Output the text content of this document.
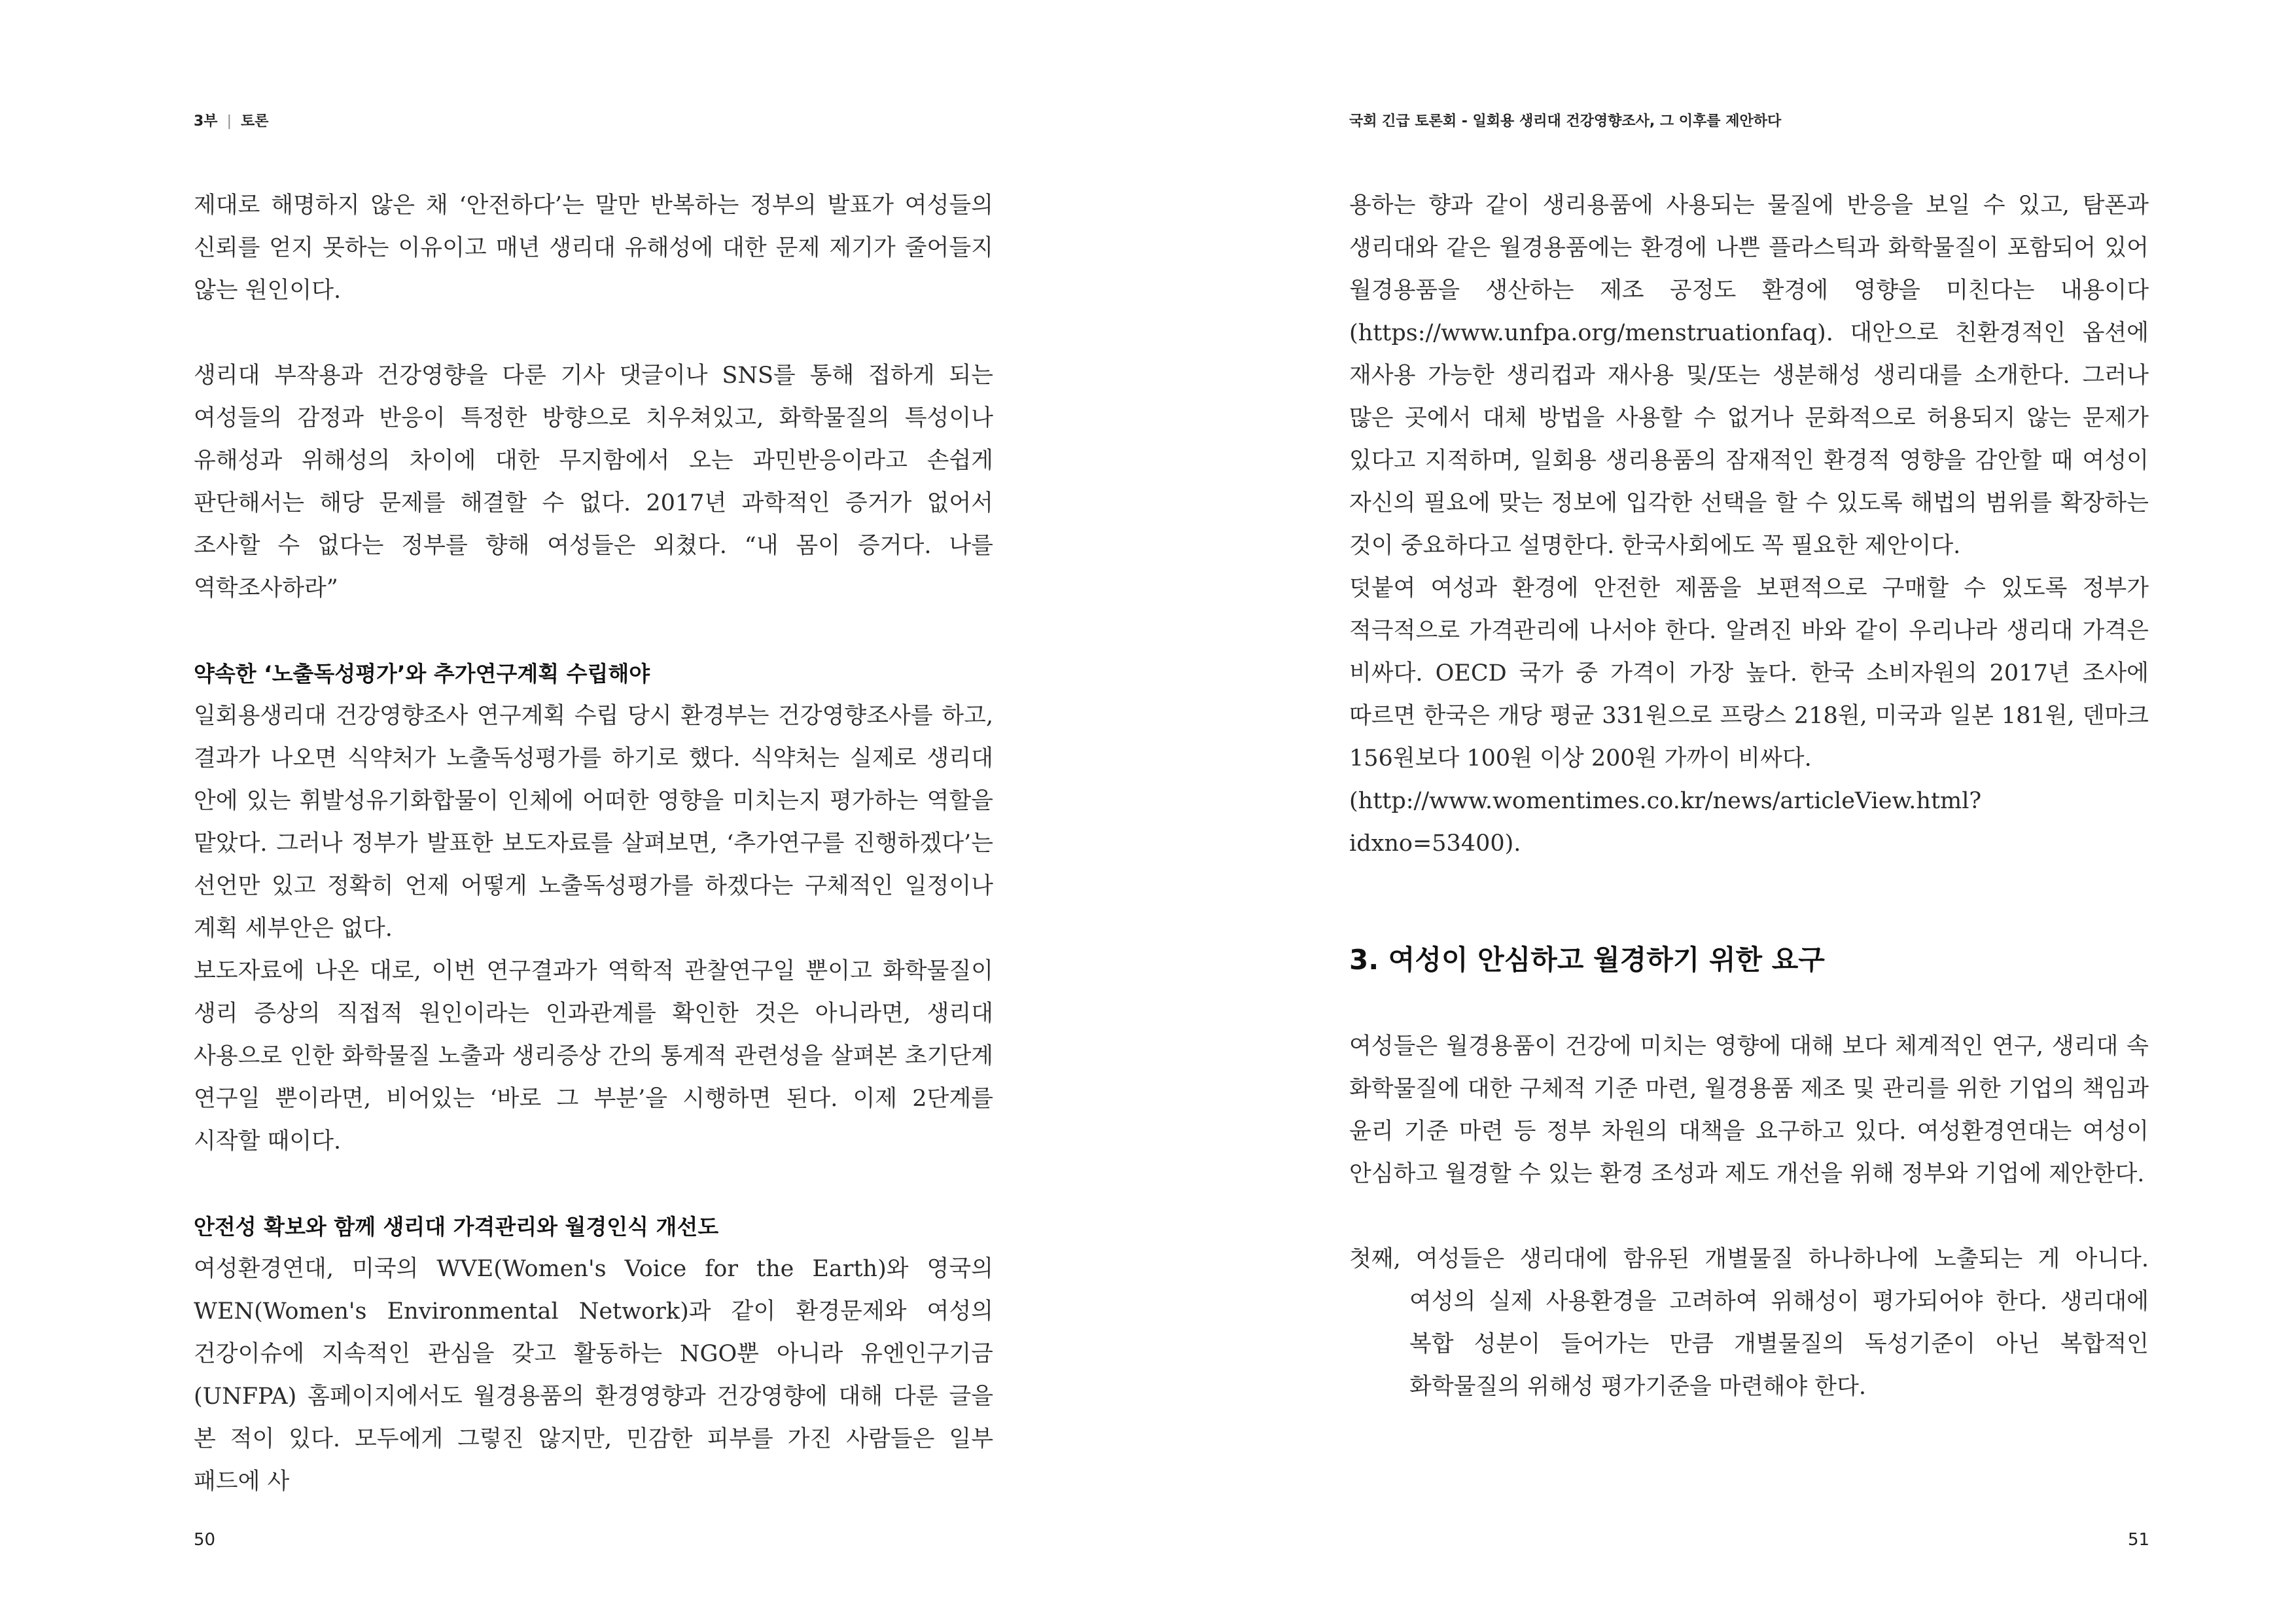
3부 | 토론	국회 긴급 토론회 - 일회용 생리대 건강영향조사, 그 이후를 제안하다

제대로 해명하지 않은 채 ‘안전하다’는 말만 반복하는 정부의 발표가 여성들의 신뢰를 얻지 못하는 이유이고 매년 생리대 유해성에 대한 문제 제기가 줄어들지 않는 원인이다.

생리대 부작용과 건강영향을 다룬 기사 댓글이나 SNS를 통해 접하게 되는 여성들의 감정과 반응이 특정한 방향으로 치우쳐있고, 화학물질의 특성이나 유해성과 위해성의 차이에 대한 무지함에서 오는 과민반응이라고 손쉽게 판단해서는 해당 문제를 해결할 수 없다. 2017년 과학적인 증거가 없어서 조사할 수 없다는 정부를 향해 여성들은 외쳤다. “내 몸이 증거다. 나를 역학조사하라”

약속한 ‘노출독성평가’와 추가연구계획 수립해야

일회용생리대 건강영향조사 연구계획 수립 당시 환경부는 건강영향조사를 하고, 결과가 나오면 식약처가 노출독성평가를 하기로 했다. 식약처는 실제로 생리대 안에 있는 휘발성유기화합물이 인체에 어떠한 영향을 미치는지 평가하는 역할을 맡았다. 그러나 정부가 발표한 보도자료를 살펴보면, ‘추가연구를 진행하겠다’는 선언만 있고 정확히 언제 어떻게 노출독성평가를 하겠다는 구체적인 일정이나 계획 세부안은 없다.

보도자료에 나온 대로, 이번 연구결과가 역학적 관찰연구일 뿐이고 화학물질이 생리 증상의 직접적 원인이라는 인과관계를 확인한 것은 아니라면, 생리대 사용으로 인한 화학물질 노출과 생리증상 간의 통계적 관련성을 살펴본 초기단계 연구일 뿐이라면, 비어있는 ‘바로 그 부분’을 시행하면 된다. 이제 2단계를 시작할 때이다.

안전성 확보와 함께 생리대 가격관리와 월경인식 개선도

여성환경연대, 미국의 WVE(Women's Voice for the Earth)와 영국의 WEN(Women's Environmental Network)과 같이 환경문제와 여성의 건강이슈에 지속적인 관심을 갖고 활동하는 NGO뿐 아니라 유엔인구기금(UNFPA) 홈페이지에서도 월경용품의 환경영향과 건강영향에 대해 다룬 글을 본 적이 있다. 모두에게 그렇진 않지만, 민감한 피부를 가진 사람들은 일부 패드에 사

용하는 향과 같이 생리용품에 사용되는 물질에 반응을 보일 수 있고, 탐폰과 생리대와 같은 월경용품에는 환경에 나쁜 플라스틱과 화학물질이 포함되어 있어 월경용품을 생산하는 제조 공정도 환경에 영향을 미친다는 내용이다(https://www.unfpa.org/menstruationfaq). 대안으로 친환경적인 옵션에 재사용 가능한 생리컵과 재사용 및/또는 생분해성 생리대를 소개한다. 그러나 많은 곳에서 대체 방법을 사용할 수 없거나 문화적으로 허용되지 않는 문제가 있다고 지적하며, 일회용 생리용품의 잠재적인 환경적 영향을 감안할 때 여성이 자신의 필요에 맞는 정보에 입각한 선택을 할 수 있도록 해법의 범위를 확장하는 것이 중요하다고 설명한다. 한국사회에도 꼭 필요한 제안이다.

덧붙여 여성과 환경에 안전한 제품을 보편적으로 구매할 수 있도록 정부가 적극적으로 가격관리에 나서야 한다. 알려진 바와 같이 우리나라 생리대 가격은 비싸다. OECD 국가 중 가격이 가장 높다. 한국 소비자원의 2017년 조사에 따르면 한국은 개당 평균 331원으로 프랑스 218원, 미국과 일본 181원, 덴마크 156원보다 100원 이상 200원 가까이 비싸다.

(http://www.womentimes.co.kr/news/articleView.html?idxno=53400).

3. 여성이 안심하고 월경하기 위한 요구

여성들은 월경용품이 건강에 미치는 영향에 대해 보다 체계적인 연구, 생리대 속 화학물질에 대한 구체적 기준 마련, 월경용품 제조 및 관리를 위한 기업의 책임과 윤리 기준 마련 등 정부 차원의 대책을 요구하고 있다. 여성환경연대는 여성이 안심하고 월경할 수 있는 환경 조성과 제도 개선을 위해 정부와 기업에 제안한다.

첫째, 여성들은 생리대에 함유된 개별물질 하나하나에 노출되는 게 아니다. 여성의 실제 사용환경을 고려하여 위해성이 평가되어야 한다. 생리대에 복합 성분이 들어가는 만큼 개별물질의 독성기준이 아닌 복합적인 화학물질의 위해성 평가기준을 마련해야 한다.

50	51
